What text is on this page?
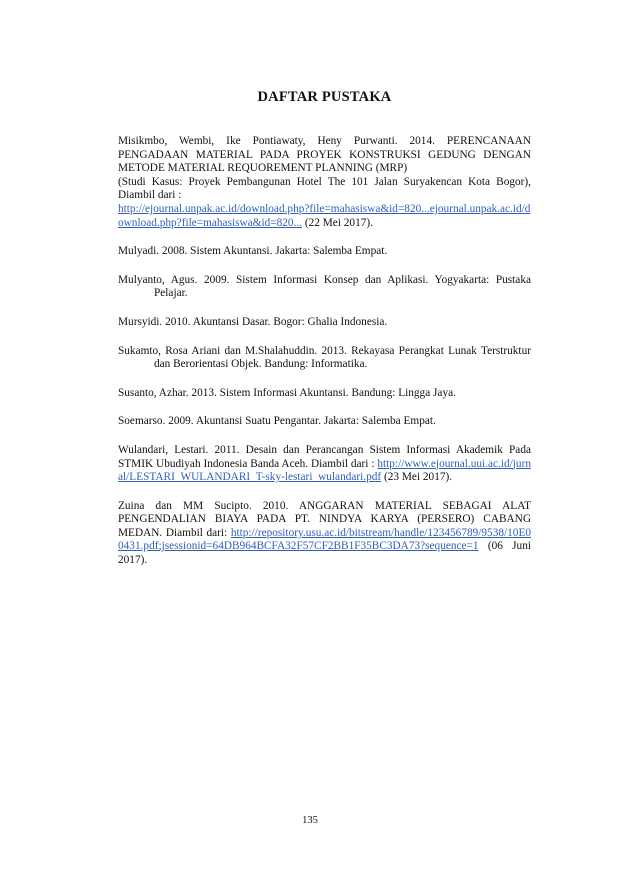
DAFTAR PUSTAKA
Misikmbo, Wembi, Ike Pontiawaty, Heny Purwanti. 2014. PERENCANAAN PENGADAAN MATERIAL PADA PROYEK KONSTRUKSI GEDUNG DENGAN METODE MATERIAL REQUOREMENT PLANNING (MRP)
(Studi Kasus: Proyek Pembangunan Hotel The 101 Jalan Suryakencan Kota Bogor), Diambil dari :
http://ejournal.unpak.ac.id/download.php?file=mahasiswa&id=820...ejournal.unpak.ac.id/download.php?file=mahasiswa&id=820... (22 Mei 2017).
Mulyadi. 2008. Sistem Akuntansi. Jakarta: Salemba Empat.
Mulyanto, Agus. 2009. Sistem Informasi Konsep dan Aplikasi. Yogyakarta: Pustaka Pelajar.
Mursyidi. 2010. Akuntansi Dasar. Bogor: Ghalia Indonesia.
Sukamto, Rosa Ariani dan M.Shalahuddin. 2013. Rekayasa Perangkat Lunak Terstruktur dan Berorientasi Objek. Bandung: Informatika.
Susanto, Azhar. 2013. Sistem Informasi Akuntansi. Bandung: Lingga Jaya.
Soemarso. 2009. Akuntansi Suatu Pengantar. Jakarta: Salemba Empat.
Wulandari, Lestari. 2011. Desain dan Perancangan Sistem Informasi Akademik Pada STMIK Ubudiyah Indonesia Banda Aceh. Diambil dari : http://www.ejournal.uui.ac.id/jurnal/LESTARI_WULANDARI_T-sky-lestari_wulandari.pdf (23 Mei 2017).
Zuina dan MM Sucipto. 2010. ANGGARAN MATERIAL SEBAGAI ALAT PENGENDALIAN BIAYA PADA PT. NINDYA KARYA (PERSERO) CABANG MEDAN. Diambil dari: http://repository.usu.ac.id/bitstream/handle/123456789/9538/10E00431.pdf;jsessionid=64DB964BCFA32F57CF2BB1F35BC3DA73?sequence=1 (06 Juni 2017).
135
